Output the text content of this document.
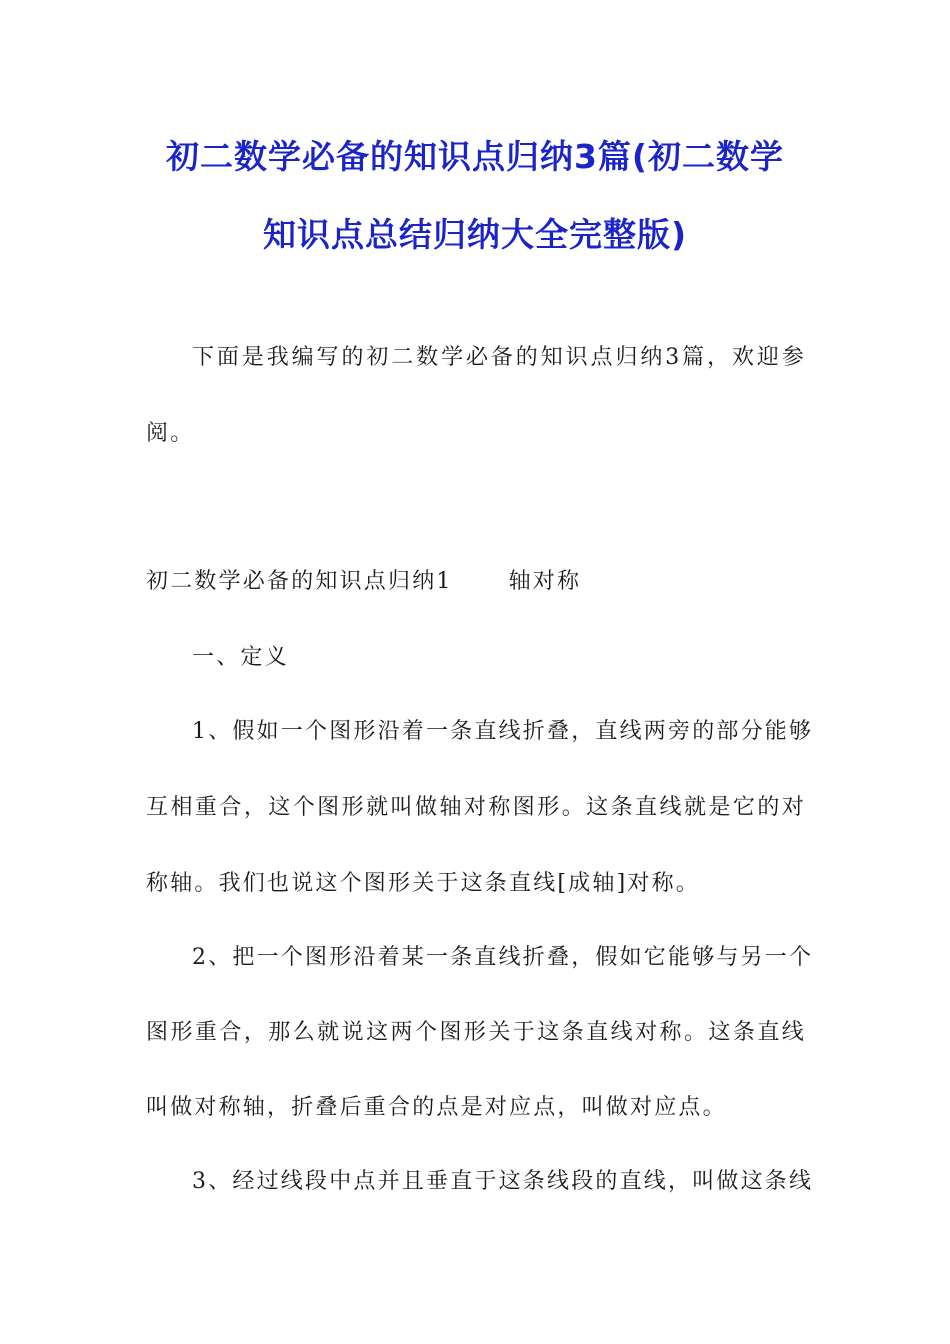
初二数学必备的知识点归纳3篇(初二数学
知识点总结归纳大全完整版)
下面是我编写的初二数学必备的知识点归纳3篇，欢迎参
阅。
初二数学必备的知识点归纳1	轴对称
一、定义
1、假如一个图形沿着一条直线折叠，直线两旁的部分能够
互相重合，这个图形就叫做轴对称图形。这条直线就是它的对
称轴。我们也说这个图形关于这条直线[成轴]对称。
2、把一个图形沿着某一条直线折叠，假如它能够与另一个
图形重合，那么就说这两个图形关于这条直线对称。这条直线
叫做对称轴，折叠后重合的点是对应点，叫做对应点。
3、经过线段中点并且垂直于这条线段的直线，叫做这条线
